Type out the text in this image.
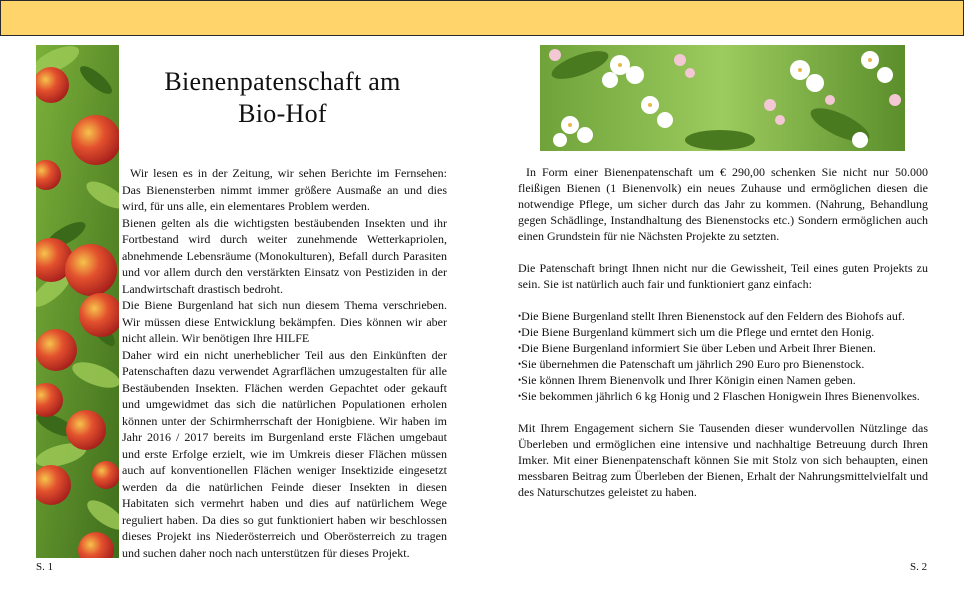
Bienenpatenschaft am
Bio-Hof

Wir lesen es in der Zeitung, wir sehen Berichte im Fernsehen: Das Bienensterben nimmt immer größere Ausmaße an und dies wird, für uns alle, ein elementares Problem werden.

Bienen gelten als die wichtigsten bestäubenden Insekten und ihr Fortbestand wird durch weiter zunehmende Wetterkapriolen, abnehmende Lebensräume (Monokulturen), Befall durch Parasiten und vor allem durch den verstärkten Einsatz von Pestiziden in der Landwirtschaft drastisch bedroht.

Die Biene Burgenland hat sich nun diesem Thema verschrieben. Wir müssen diese Entwicklung bekämpfen. Dies können wir aber nicht allein. Wir benötigen Ihre HILFE

Daher wird ein nicht unerheblicher Teil aus den Einkünften der Patenschaften dazu verwendet Agrarflächen umzugestalten für alle Bestäubenden Insekten. Flächen werden Gepachtet oder gekauft und umgewidmet das sich die natürlichen Populationen erholen können unter der Schirmherrschaft der Honigbiene. Wir haben im Jahr 2016 / 2017 bereits im Burgenland erste Flächen umgebaut und erste Erfolge erzielt, wie im Umkreis dieser Flächen müssen auch auf konventionellen Flächen weniger Insektizide eingesetzt werden da die natürlichen Feinde dieser Insekten in diesen Habitaten sich vermehrt haben und dies auf natürlichem Wege reguliert haben. Da dies so gut funktioniert haben wir beschlossen dieses Projekt ins Niederösterreich und Oberösterreich zu tragen und suchen daher noch nach unterstützen für dieses Projekt.

In Form einer Bienenpatenschaft um € 290,00 schenken Sie nicht nur 50.000 fleißigen Bienen (1 Bienenvolk) ein neues Zuhause und ermöglichen diesen die notwendige Pflege, um sicher durch das Jahr zu kommen. (Nahrung, Behandlung gegen Schädlinge, Instandhaltung des Bienenstocks etc.) Sondern ermöglichen auch einen Grundstein für nie Nächsten Projekte zu setzten.

Die Patenschaft bringt Ihnen nicht nur die Gewissheit, Teil eines guten Projekts zu sein. Sie ist natürlich auch fair und funktioniert ganz einfach:

•Die Biene Burgenland stellt Ihren Bienenstock auf den Feldern des Biohofs auf.
•Die Biene Burgenland kümmert sich um die Pflege und erntet den Honig.
•Die Biene Burgenland informiert Sie über Leben und Arbeit Ihrer Bienen.
•Sie übernehmen die Patenschaft um jährlich 290 Euro pro Bienenstock.
•Sie können Ihrem Bienenvolk und Ihrer Königin einen Namen geben.
•Sie bekommen jährlich 6 kg Honig und 2 Flaschen Honigwein Ihres Bienenvolkes.

Mit Ihrem Engagement sichern Sie Tausenden dieser wundervollen Nützlinge das Überleben und ermöglichen eine intensive und nachhaltige Betreuung durch Ihren Imker. Mit einer Bienenpatenschaft können Sie mit Stolz von sich behaupten, einen messbaren Beitrag zum Überleben der Bienen, Erhalt der Nahrungsmittelvielfalt und des Naturschutzes geleistet zu haben.

S. 1	S. 2
